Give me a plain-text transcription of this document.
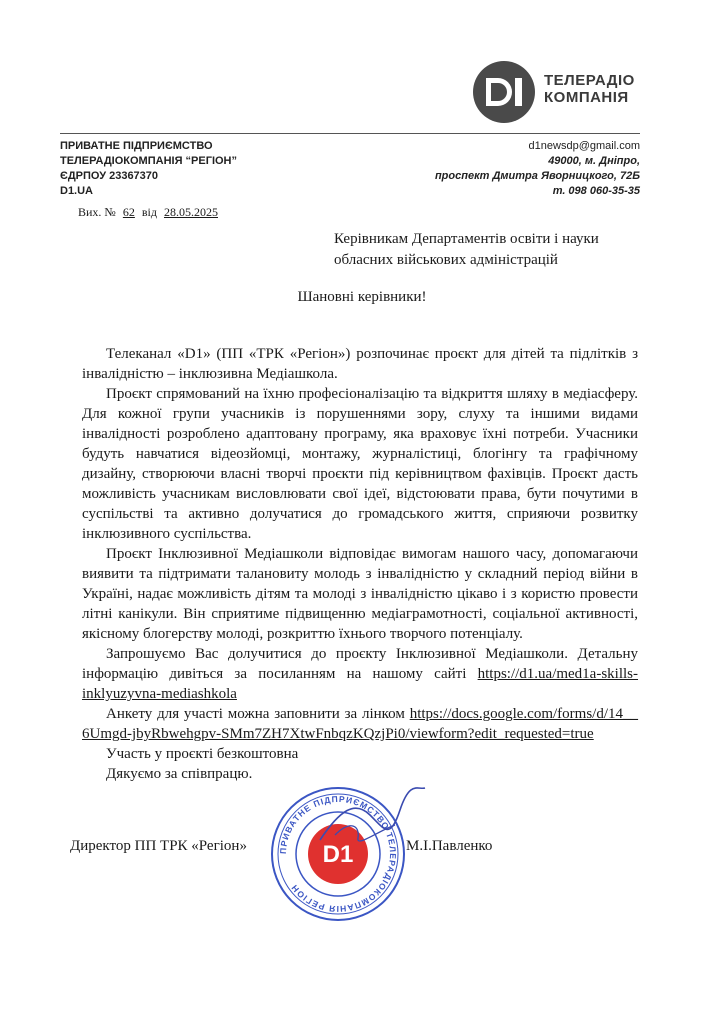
ТЕЛЕРАДІО
КОМПАНІЯ
ПРИВАТНЕ ПІДПРИЄМСТВО
ТЕЛЕРАДІОКОМПАНІЯ “РЕГІОН”
ЄДРПОУ 23367370
D1.UA
d1newsdp@gmail.com
49000, м. Дніпро,
проспект Дмитра Яворницкого, 72Б
т. 098 060-35-35
Вих. № 62 від 28.05.2025
Керівникам Департаментів освіти і науки
обласних військових адміністрацій
Шановні керівники!

Телеканал «D1» (ПП «ТРК «Регіон») розпочинає проєкт для дітей та підлітків з інвалідністю – інклюзивна Медіашкола.

Проєкт спрямований на їхню професіоналізацію та відкриття шляху в медіасферу. Для кожної групи учасників із порушеннями зору, слуху та іншими видами інвалідності розроблено адаптовану програму, яка враховує їхні потреби. Учасники будуть навчатися відеозйомці, монтажу, журналістиці, блогінгу та графічному дизайну, створюючи власні творчі проєкти під керівництвом фахівців. Проєкт дасть можливість учасникам висловлювати свої ідеї, відстоювати права, бути почутими в суспільстві та активно долучатися до громадського життя, сприяючи розвитку інклюзивного суспільства.

Проєкт Інклюзивної Медіашколи відповідає вимогам нашого часу, допомагаючи виявити та підтримати талановиту молодь з інвалідністю у складний період війни в Україні, надає можливість дітям та молоді з інвалідністю цікаво і з користю провести літні канікули. Він сприятиме підвищенню медіаграмотності, соціальної активності, якісному блогерству молоді, розкриттю їхнього творчого потенціалу.

Запрошуємо Вас долучитися до проєкту Інклюзивної Медіашколи. Детальну інформацію дивіться за посиланням на нашому сайті https://d1.ua/med1a-skills-inklyuzyvna-mediashkola

Анкету для участі можна заповнити за лінком https://docs.google.com/forms/d/14__6Umgd-jbyRbwehgpv-SMm7ZH7XtwFnbqzKQzjPi0/viewform?edit_requested=true

Участь у проєкті безкоштовна

Дякуємо за співпрацю.

ПРИВАТНЕ ПІДПРИЄМСТВО ТЕЛЕРАДІОКОМПАНІЯ РЕГІОН
D1
Директор ПП ТРК «Регіон»	М.І.Павленко
